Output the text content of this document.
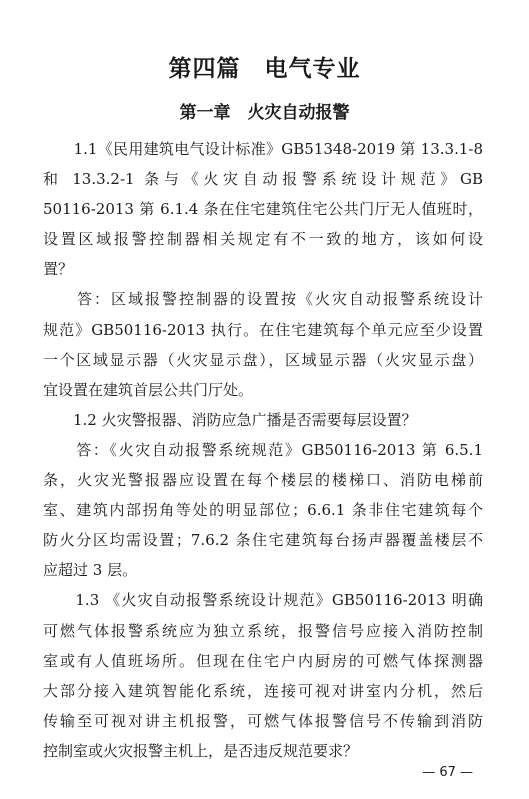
第四篇　电气专业
第一章　火灾自动报警
　　1.1《民用建筑电气设计标准》GB51348-2019 第 13.3.1-8
和 13.3.2-1 条与《火灾自动报警系统设计规范》GB
50116-2013 第 6.1.4 条在住宅建筑住宅公共门厅无人值班时，
设置区域报警控制器相关规定有不一致的地方，该如何设
置？
　　答：区域报警控制器的设置按《火灾自动报警系统设计
规范》GB50116-2013 执行。在住宅建筑每个单元应至少设置
一个区域显示器（火灾显示盘），区域显示器（火灾显示盘）
宜设置在建筑首层公共门厅处。
　　1.2 火灾警报器、消防应急广播是否需要每层设置？
　　答：《火灾自动报警系统规范》GB50116-2013 第 6.5.1
条，火灾光警报器应设置在每个楼层的楼梯口、消防电梯前
室、建筑内部拐角等处的明显部位；6.6.1 条非住宅建筑每个
防火分区均需设置；7.6.2 条住宅建筑每台扬声器覆盖楼层不
应超过 3 层。
　　1.3 《火灾自动报警系统设计规范》GB50116-2013 明确
可燃气体报警系统应为独立系统，报警信号应接入消防控制
室或有人值班场所。但现在住宅户内厨房的可燃气体探测器
大部分接入建筑智能化系统，连接可视对讲室内分机，然后
传输至可视对讲主机报警，可燃气体报警信号不传输到消防
控制室或火灾报警主机上，是否违反规范要求？
— 67 —
